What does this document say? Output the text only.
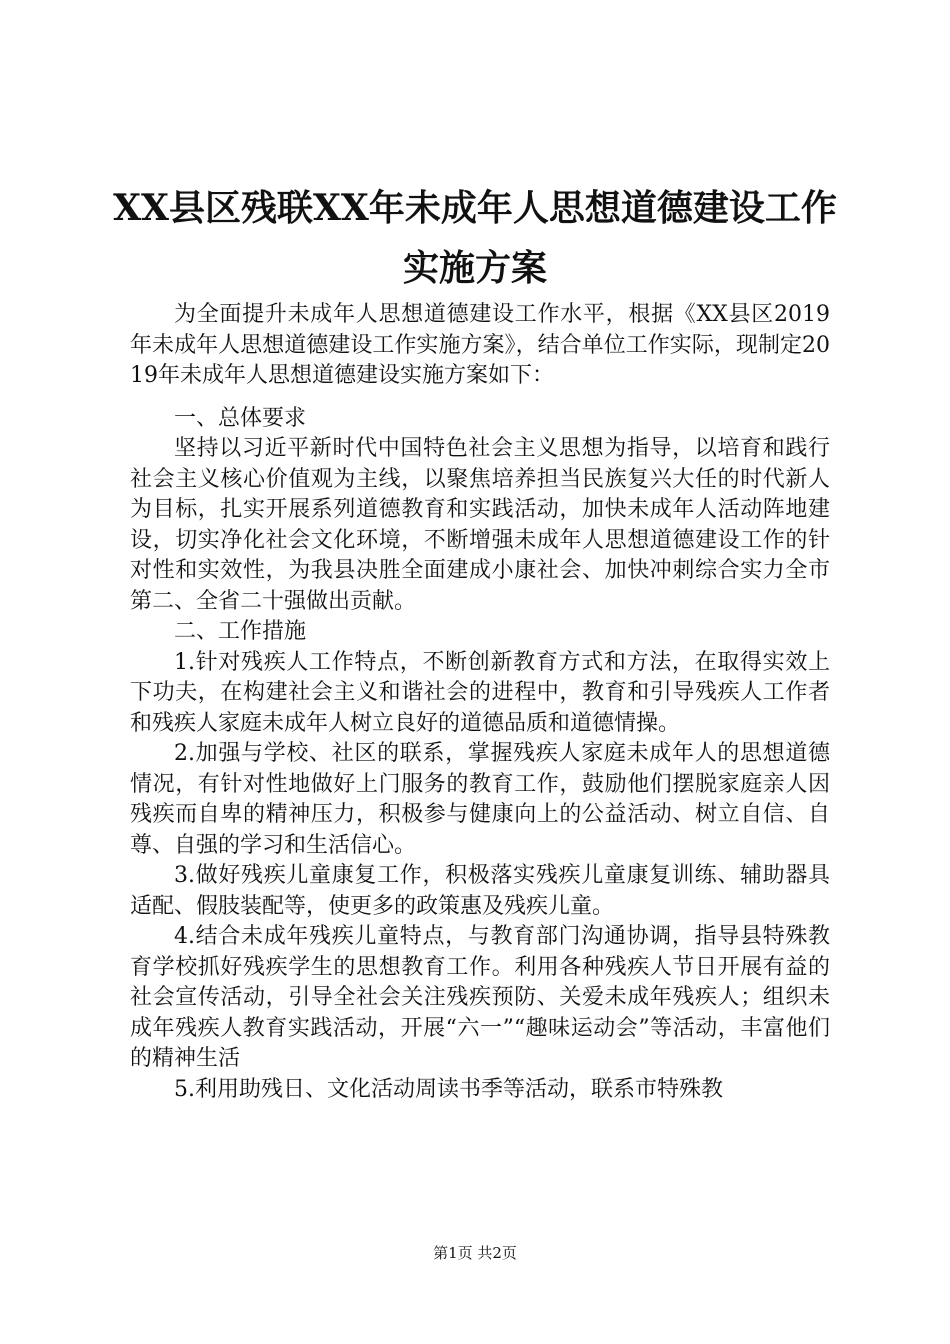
XX县区残联XX年未成年人思想道德建设工作
实施方案

为全面提升未成年人思想道德建设工作水平，根据《XX县区2019年未成年人思想道德建设工作实施方案》，结合单位工作实际，现制定2019年未成年人思想道德建设实施方案如下：

一、总体要求

坚持以习近平新时代中国特色社会主义思想为指导，以培育和践行社会主义核心价值观为主线，以聚焦培养担当民族复兴大任的时代新人为目标，扎实开展系列道德教育和实践活动，加快未成年人活动阵地建设，切实净化社会文化环境，不断增强未成年人思想道德建设工作的针对性和实效性，为我县决胜全面建成小康社会、加快冲刺综合实力全市第二、全省二十强做出贡献。

二、工作措施

1.针对残疾人工作特点，不断创新教育方式和方法，在取得实效上下功夫，在构建社会主义和谐社会的进程中，教育和引导残疾人工作者和残疾人家庭未成年人树立良好的道德品质和道德情操。

2.加强与学校、社区的联系，掌握残疾人家庭未成年人的思想道德情况，有针对性地做好上门服务的教育工作，鼓励他们摆脱家庭亲人因残疾而自卑的精神压力，积极参与健康向上的公益活动、树立自信、自尊、自强的学习和生活信心。

3.做好残疾儿童康复工作，积极落实残疾儿童康复训练、辅助器具适配、假肢装配等，使更多的政策惠及残疾儿童。

4.结合未成年残疾儿童特点，与教育部门沟通协调，指导县特殊教育学校抓好残疾学生的思想教育工作。利用各种残疾人节日开展有益的社会宣传活动，引导全社会关注残疾预防、关爱未成年残疾人；组织未成年残疾人教育实践活动，开展“六一”“趣味运动会”等活动，丰富他们的精神生活

5.利用助残日、文化活动周读书季等活动，联系市特殊教

第1页 共2页
